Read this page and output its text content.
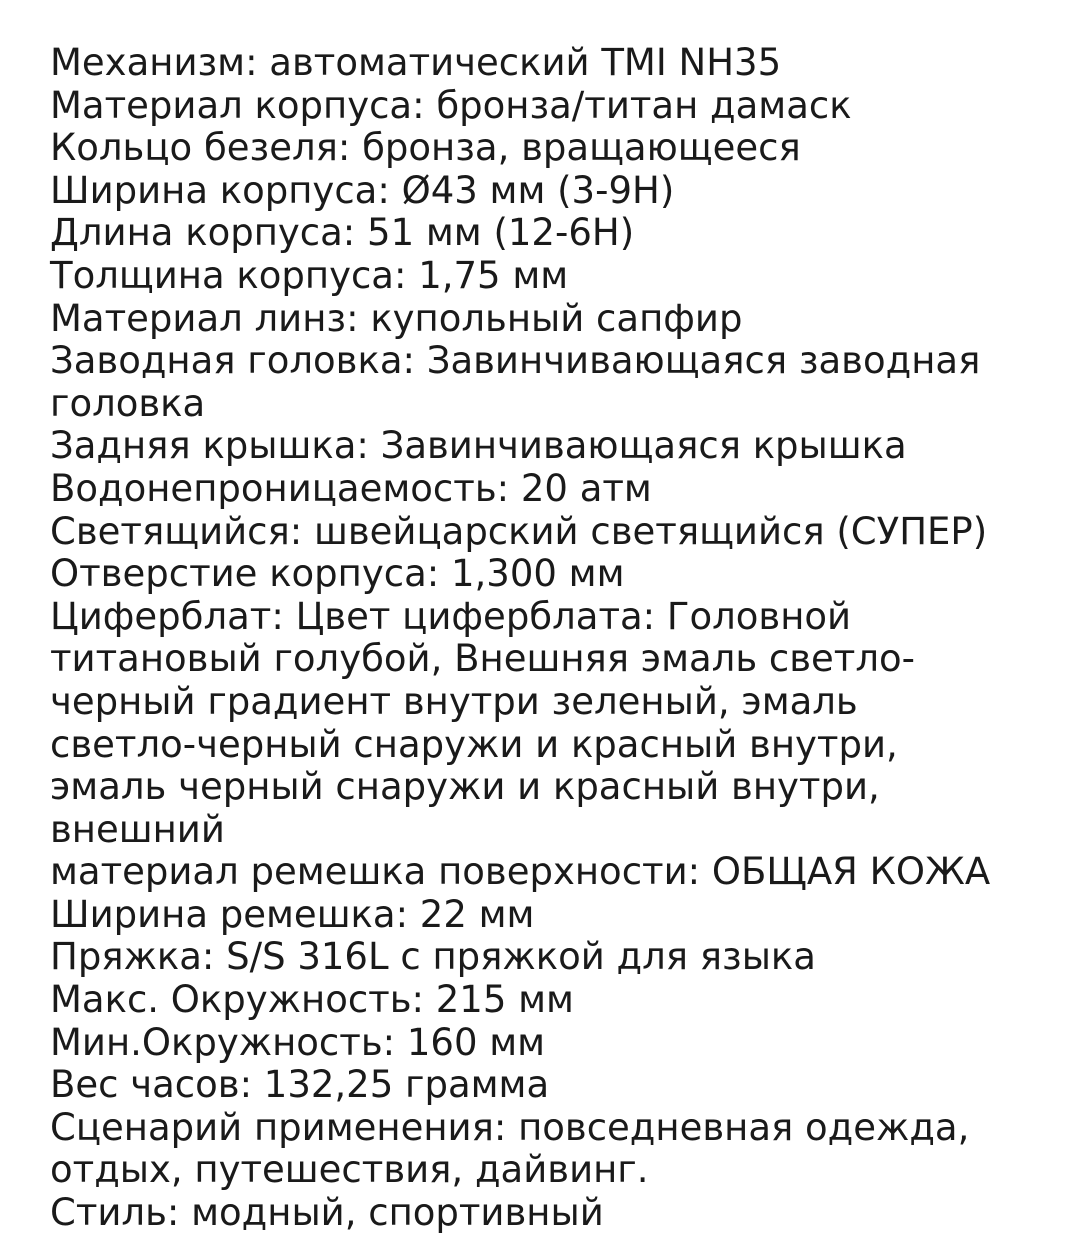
Механизм: автоматический TMI NH35
Материал корпуса: бронза/титан дамаск
Кольцо безеля: бронза, вращающееся
Ширина корпуса: Ø43 мм (3-9H)
Длина корпуса: 51 мм (12-6H)
Толщина корпуса: 1,75 мм
Материал линз: купольный сапфир
Заводная головка: Завинчивающаяся заводная
головка
Задняя крышка: Завинчивающаяся крышка
Водонепроницаемость: 20 атм
Светящийся: швейцарский светящийся (СУПЕР)
Отверстие корпуса: 1,300 мм
Циферблат: Цвет циферблата: Головной
титановый голубой, Внешняя эмаль светло-
черный градиент внутри зеленый, эмаль
светло-черный снаружи и красный внутри,
эмаль черный снаружи и красный внутри,
внешний
материал ремешка поверхности: ОБЩАЯ КОЖА
Ширина ремешка: 22 мм
Пряжка: S/S 316L с пряжкой для языка
Макс. Окружность: 215 мм
Мин.Окружность: 160 мм
Вес часов: 132,25 грамма
Сценарий применения: повседневная одежда,
отдых, путешествия, дайвинг.
Стиль: модный, спортивный
